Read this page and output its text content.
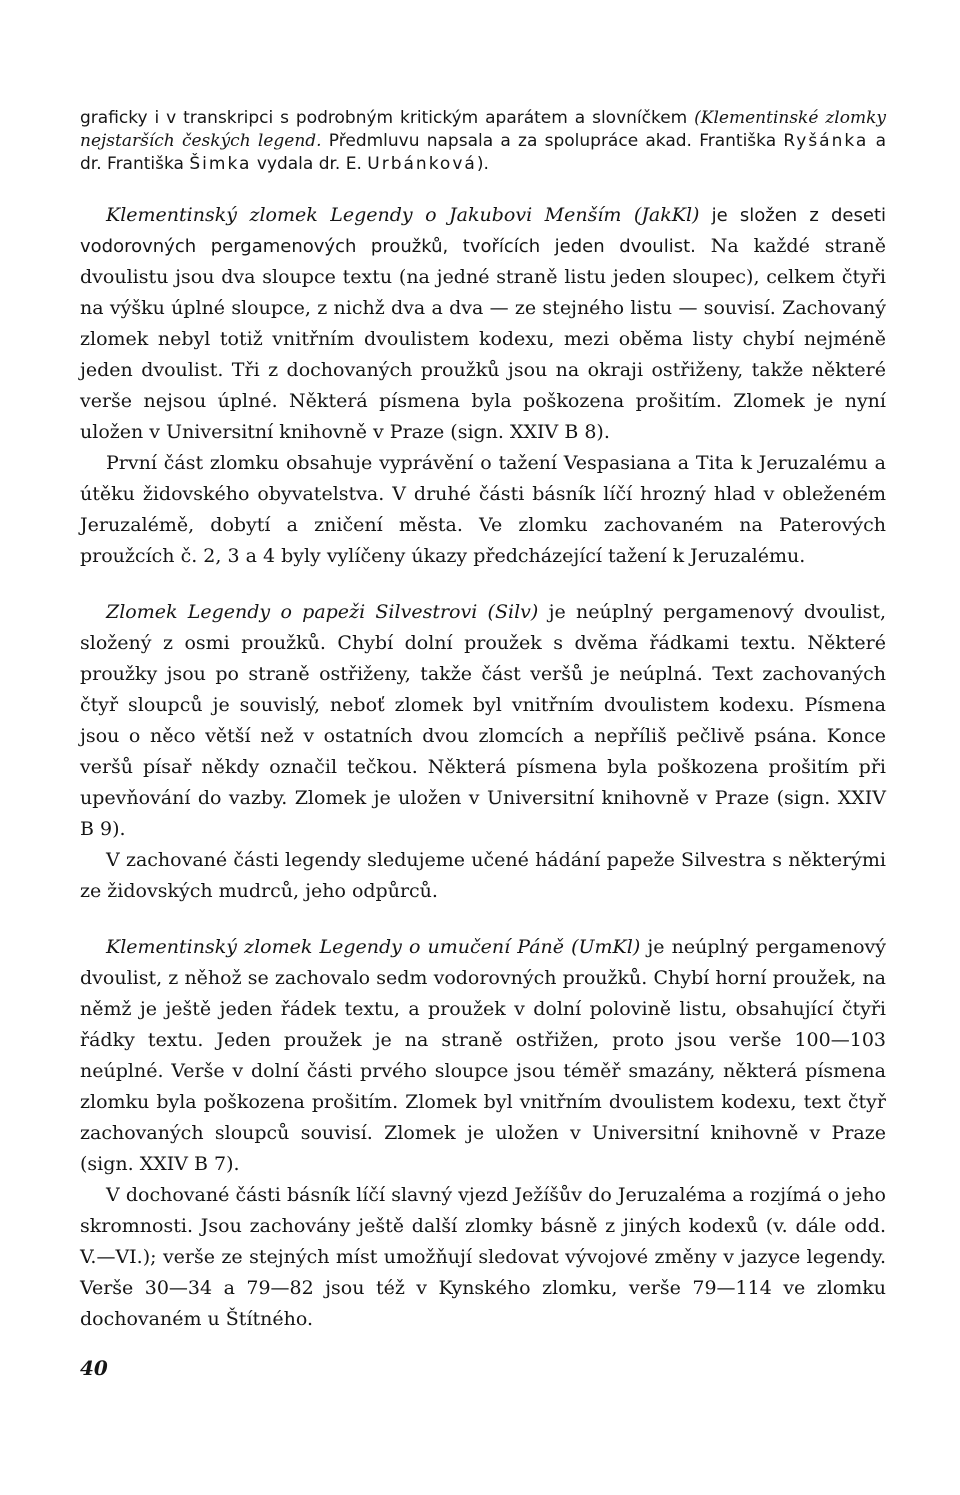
graficky i v transkripci s podrobným kritickým aparátem a slovníčkem (Klementinské zlomky nejstarších českých legend. Předmluvu napsala a za spolupráce akad. Františka Ryšánka a dr. Františka Šimka vydala dr. E. Urbánková).

Klementinský zlomek Legendy o Jakubovi Menším (JakKl) je složen z deseti vodorovných pergamenových proužků, tvořících jeden dvoulist. Na každé straně dvoulistu jsou dva sloupce textu (na jedné straně listu jeden sloupec), celkem čtyři na výšku úplné sloupce, z nichž dva a dva — ze stejného listu — souvisí. Zachovaný zlomek nebyl totiž vnitřním dvoulistem kodexu, mezi oběma listy chybí nejméně jeden dvoulist. Tři z dochovaných proužků jsou na okraji ostřiženy, takže některé verše nejsou úplné. Některá písmena byla poškozena prošitím. Zlomek je nyní uložen v Universitní knihovně v Praze (sign. XXIV B 8).

První část zlomku obsahuje vyprávění o tažení Vespasiana a Tita k Jeruzalému a útěku židovského obyvatelstva. V druhé části básník líčí hrozný hlad v obleženém Jeruzalémě, dobytí a zničení města. Ve zlomku zachovaném na Paterových proužcích č. 2, 3 a 4 byly vylíčeny úkazy předcházející tažení k Jeruzalému.

Zlomek Legendy o papeži Silvestrovi (Silv) je neúplný pergamenový dvoulist, složený z osmi proužků. Chybí dolní proužek s dvěma řádkami textu. Některé proužky jsou po straně ostřiženy, takže část veršů je neúplná. Text zachovaných čtyř sloupců je souvislý, neboť zlomek byl vnitřním dvoulistem kodexu. Písmena jsou o něco větší než v ostatních dvou zlomcích a nepříliš pečlivě psána. Konce veršů písař někdy označil tečkou. Některá písmena byla poškozena prošitím při upevňování do vazby. Zlomek je uložen v Universitní knihovně v Praze (sign. XXIV B 9).

V zachované části legendy sledujeme učené hádání papeže Silvestra s některými ze židovských mudrců, jeho odpůrců.

Klementinský zlomek Legendy o umučení Páně (UmKl) je neúplný pergamenový dvoulist, z něhož se zachovalo sedm vodorovných proužků. Chybí horní proužek, na němž je ještě jeden řádek textu, a proužek v dolní polovině listu, obsahující čtyři řádky textu. Jeden proužek je na straně ostřižen, proto jsou verše 100—103 neúplné. Verše v dolní části prvého sloupce jsou téměř smazány, některá písmena zlomku byla poškozena prošitím. Zlomek byl vnitřním dvoulistem kodexu, text čtyř zachovaných sloupců souvisí. Zlomek je uložen v Universitní knihovně v Praze (sign. XXIV B 7).

V dochované části básník líčí slavný vjezd Ježíšův do Jeruzaléma a rozjímá o jeho skromnosti. Jsou zachovány ještě další zlomky básně z jiných kodexů (v. dále odd. V.—VI.); verše ze stejných míst umožňují sledovat vývojové změny v jazyce legendy. Verše 30—34 a 79—82 jsou též v Kynského zlomku, verše 79—114 ve zlomku dochovaném u Štítného.

40
